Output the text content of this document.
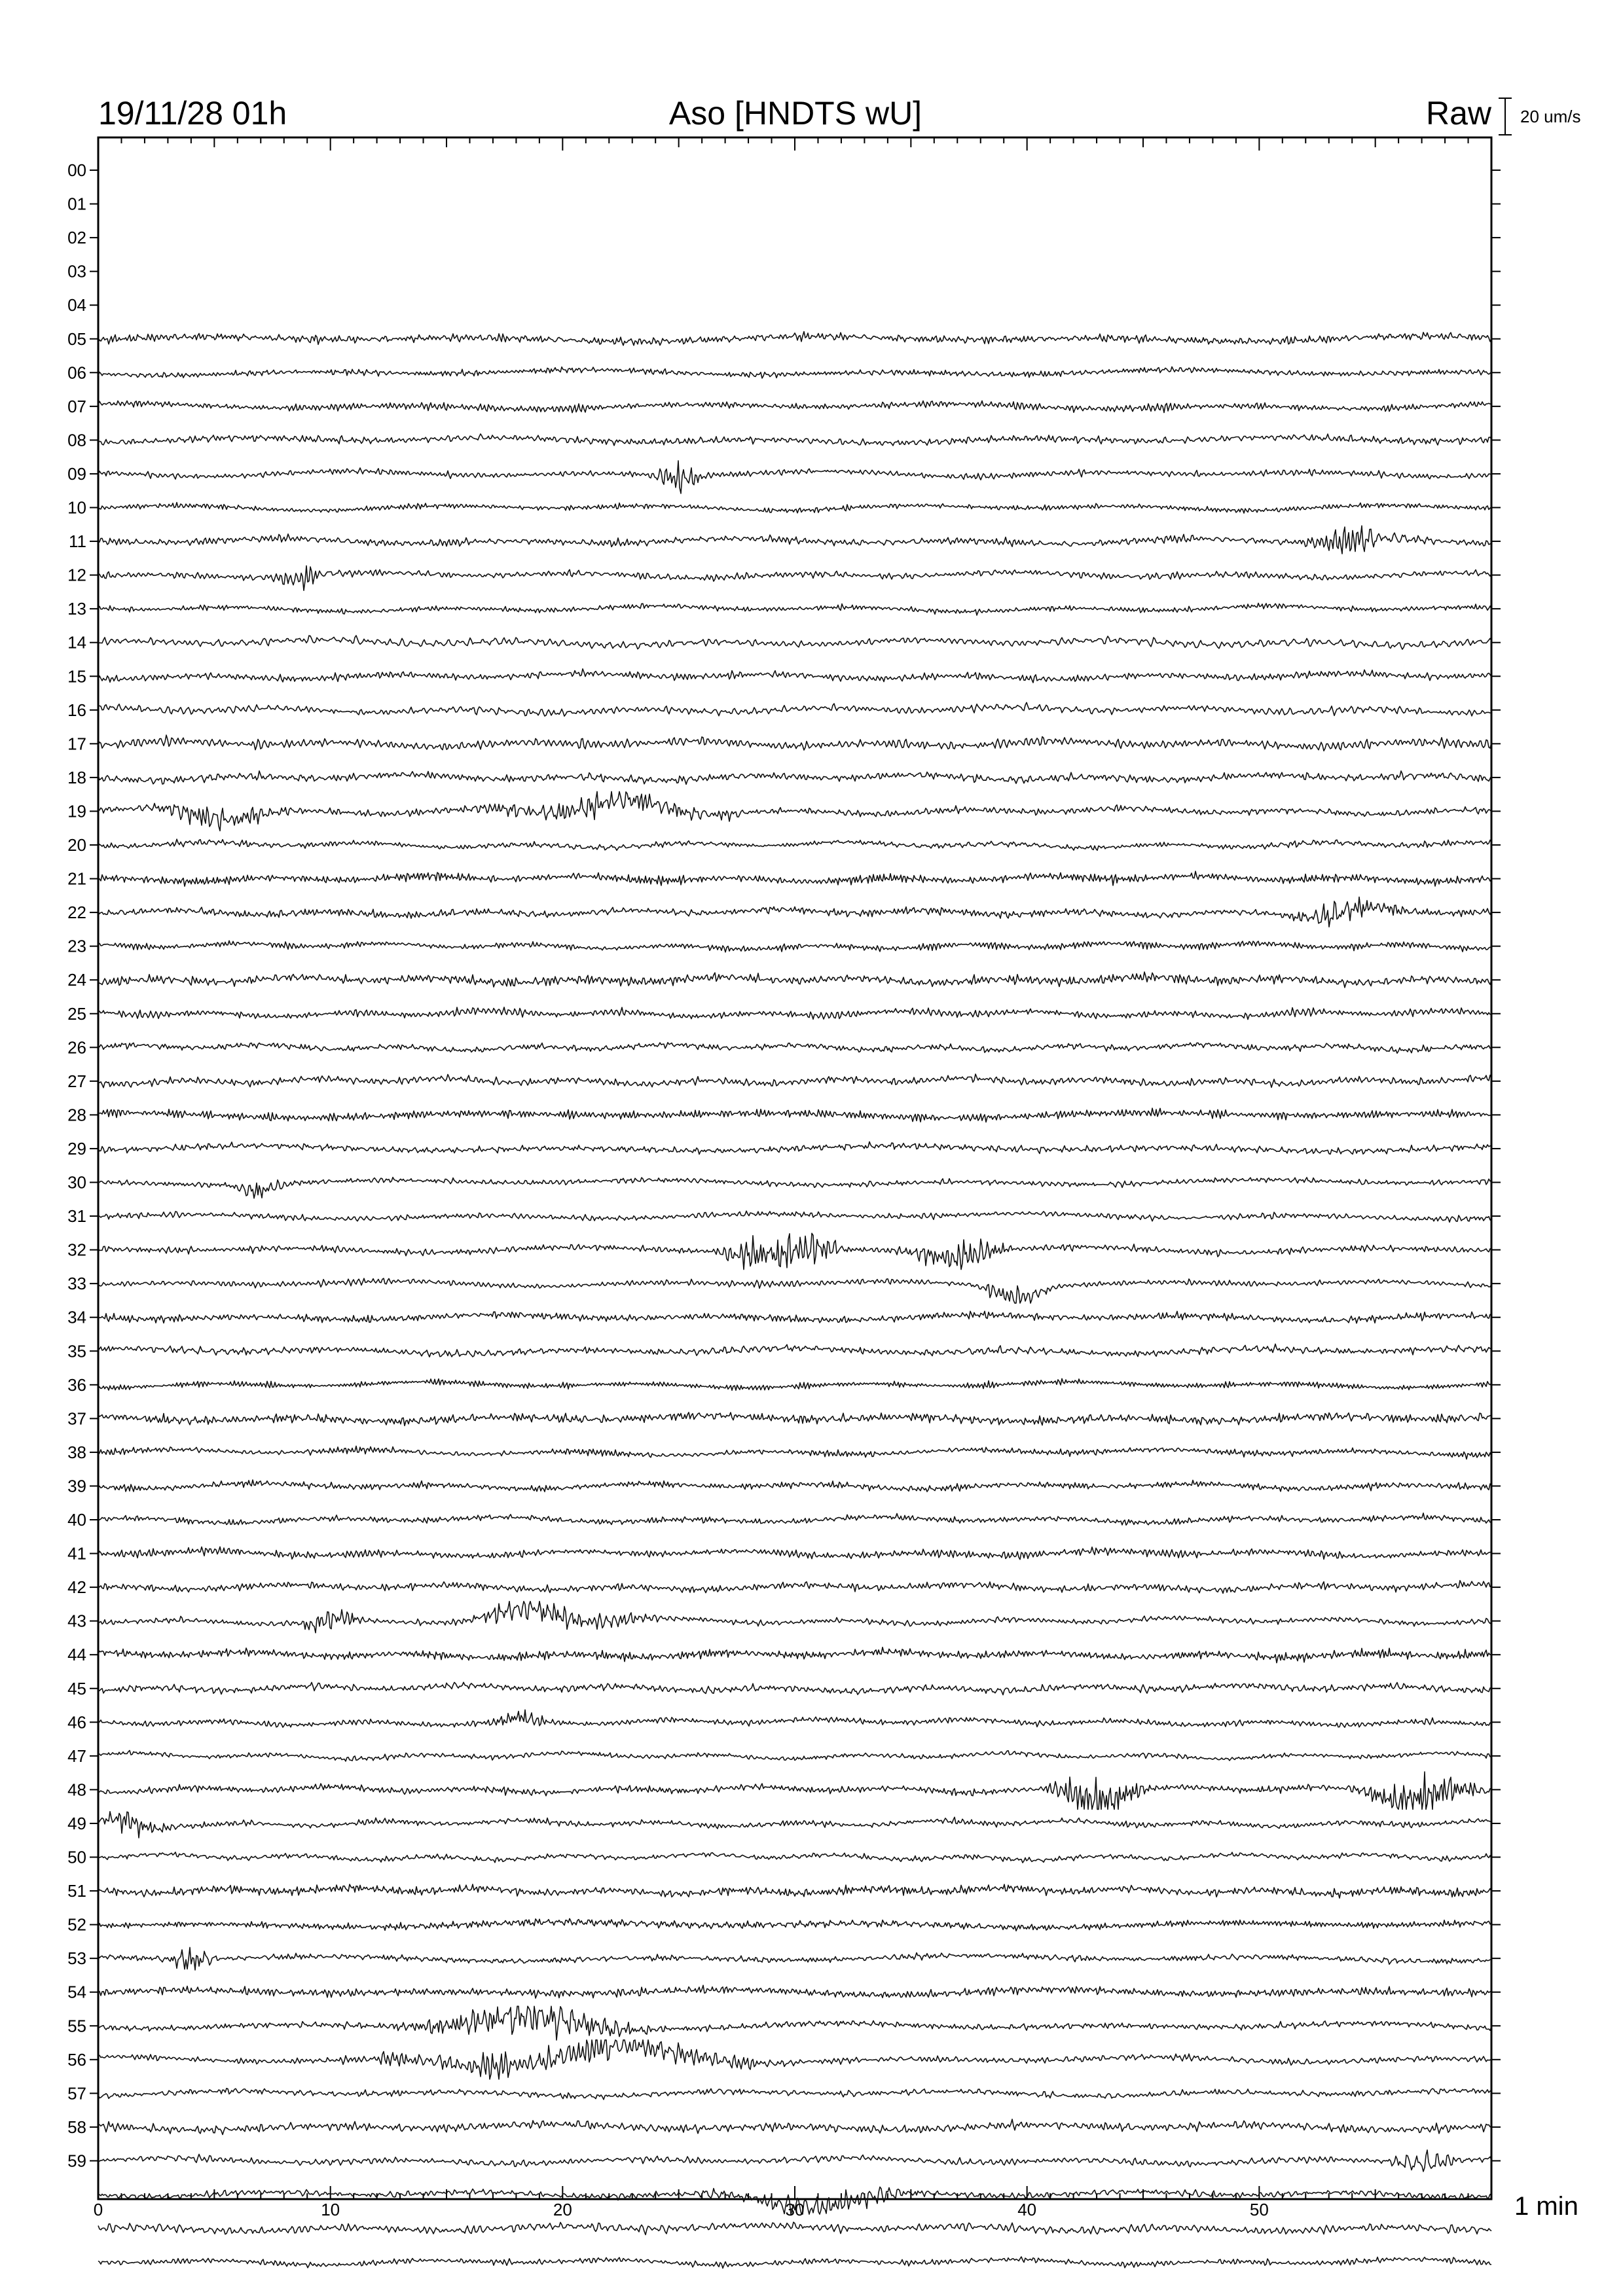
19/11/28 01h	Aso [HNDTS wU]	Raw 20 um/s
00
01
02
03
04
05
06
07
08
09
10
11
12
13
14
15
16
17
18
19
20
21
22
23
24
25
26
27
28
29
30
31
32
33
34
35
36
37
38
39
40
41
42
43
44
45
46
47
48
49
50
51
52
53
54
55
56
57
58
59
0	10	20	30	40	50	1 min
